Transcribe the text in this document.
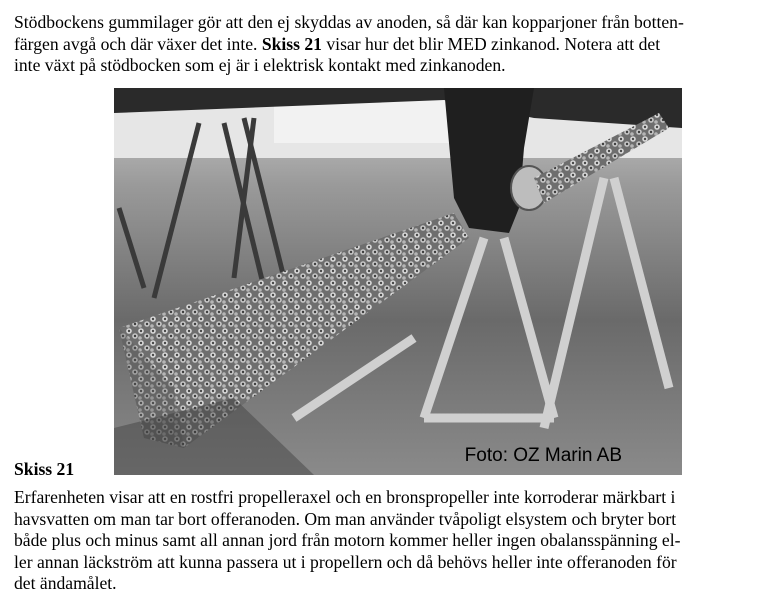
Stödbockens gummilager gör att den ej skyddas av anoden, så där kan kopparjoner från botten-
färgen avgå och där växer det inte. Skiss 21 visar hur det blir MED zinkanod. Notera att det
inte växt på stödbocken som ej är i elektrisk kontakt med zinkanoden.
Foto: OZ Marin AB
Skiss 21
Erfarenheten visar att en rostfri propelleraxel och en bronspropeller inte korroderar märkbart i
havsvatten om man tar bort offeranoden. Om man använder tvåpoligt elsystem och bryter bort
både plus och minus samt all annan jord från motorn kommer heller ingen obalansspänning el-
ler annan läckström att kunna passera ut i propellern och då behövs heller inte offeranoden för
det ändamålet.
